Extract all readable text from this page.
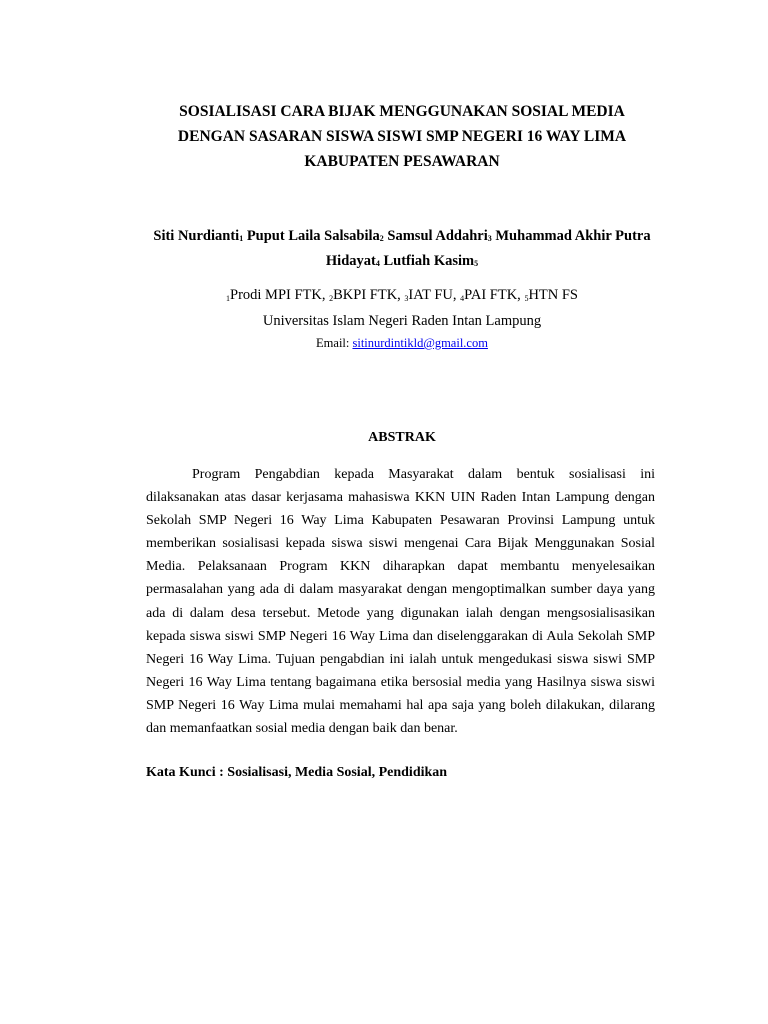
SOSIALISASI CARA BIJAK MENGGUNAKAN SOSIAL MEDIA
DENGAN SASARAN SISWA SISWI SMP NEGERI 16 WAY LIMA
KABUPATEN PESAWARAN
Siti Nurdianti$_1$ Puput Laila Salsabila$_2$ Samsul Addahri$_3$ Muhammad Akhir Putra Hidayat$_4$ Lutfiah Kasim$_5$
$_1$Prodi MPI FTK, $_2$BKPI FTK, $_3$IAT FU, $_4$PAI FTK, $_5$HTN FS
Universitas Islam Negeri Raden Intan Lampung
Email: sitinurdintikld@gmail.com
ABSTRAK

Program Pengabdian kepada Masyarakat dalam bentuk sosialisasi ini dilaksanakan atas dasar kerjasama mahasiswa KKN UIN Raden Intan Lampung dengan Sekolah SMP Negeri 16 Way Lima Kabupaten Pesawaran Provinsi Lampung untuk memberikan sosialisasi kepada siswa siswi mengenai Cara Bijak Menggunakan Sosial Media. Pelaksanaan Program KKN diharapkan dapat membantu menyelesaikan permasalahan yang ada di dalam masyarakat dengan mengoptimalkan sumber daya yang ada di dalam desa tersebut. Metode yang digunakan ialah dengan mengsosialisasikan kepada siswa siswi SMP Negeri 16 Way Lima dan diselenggarakan di Aula Sekolah SMP Negeri 16 Way Lima. Tujuan pengabdian ini ialah untuk mengedukasi siswa siswi SMP Negeri 16 Way Lima tentang bagaimana etika bersosial media yang Hasilnya siswa siswi SMP Negeri 16 Way Lima mulai memahami hal apa saja yang boleh dilakukan, dilarang dan memanfaatkan sosial media dengan baik dan benar.

Kata Kunci : Sosialisasi, Media Sosial, Pendidikan
